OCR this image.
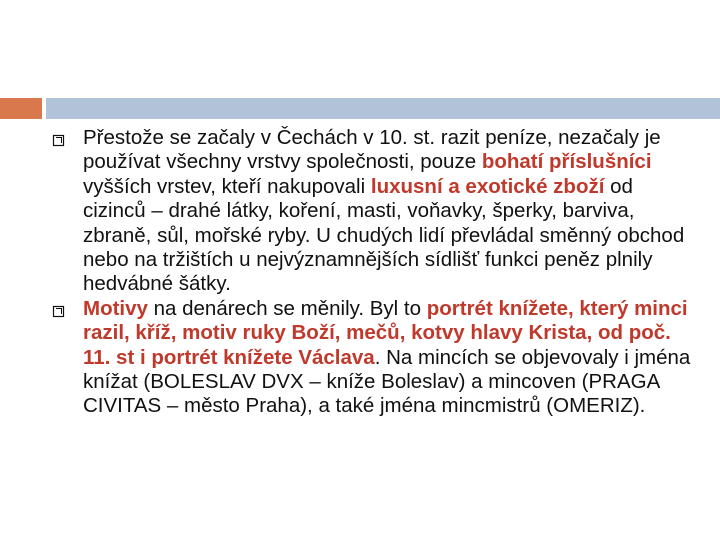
Přestože se začaly v Čechách v 10. st. razit peníze, nezačaly je používat všechny vrstvy společnosti, pouze bohatí příslušníci vyšších vrstev, kteří nakupovali luxusní a exotické zboží od cizinců – drahé látky, koření, masti, voňavky, šperky, barviva, zbraně, sůl, mořské ryby. U chudých lidí převládal směnný obchod nebo na tržištích u nejvýznamnějších sídlišť funkci peněz plnily hedvábné šátky.
Motivy na denárech se měnily. Byl to portrét knížete, který minci razil, kříž, motiv ruky Boží, mečů, kotvy hlavy Krista, od poč. 11. st i portrét knížete Václava. Na mincích se objevovaly i jména knížat (BOLESLAV DVX – kníže Boleslav) a mincoven (PRAGA CIVITAS – město Praha), a také jména mincmistrů (OMERIZ).
